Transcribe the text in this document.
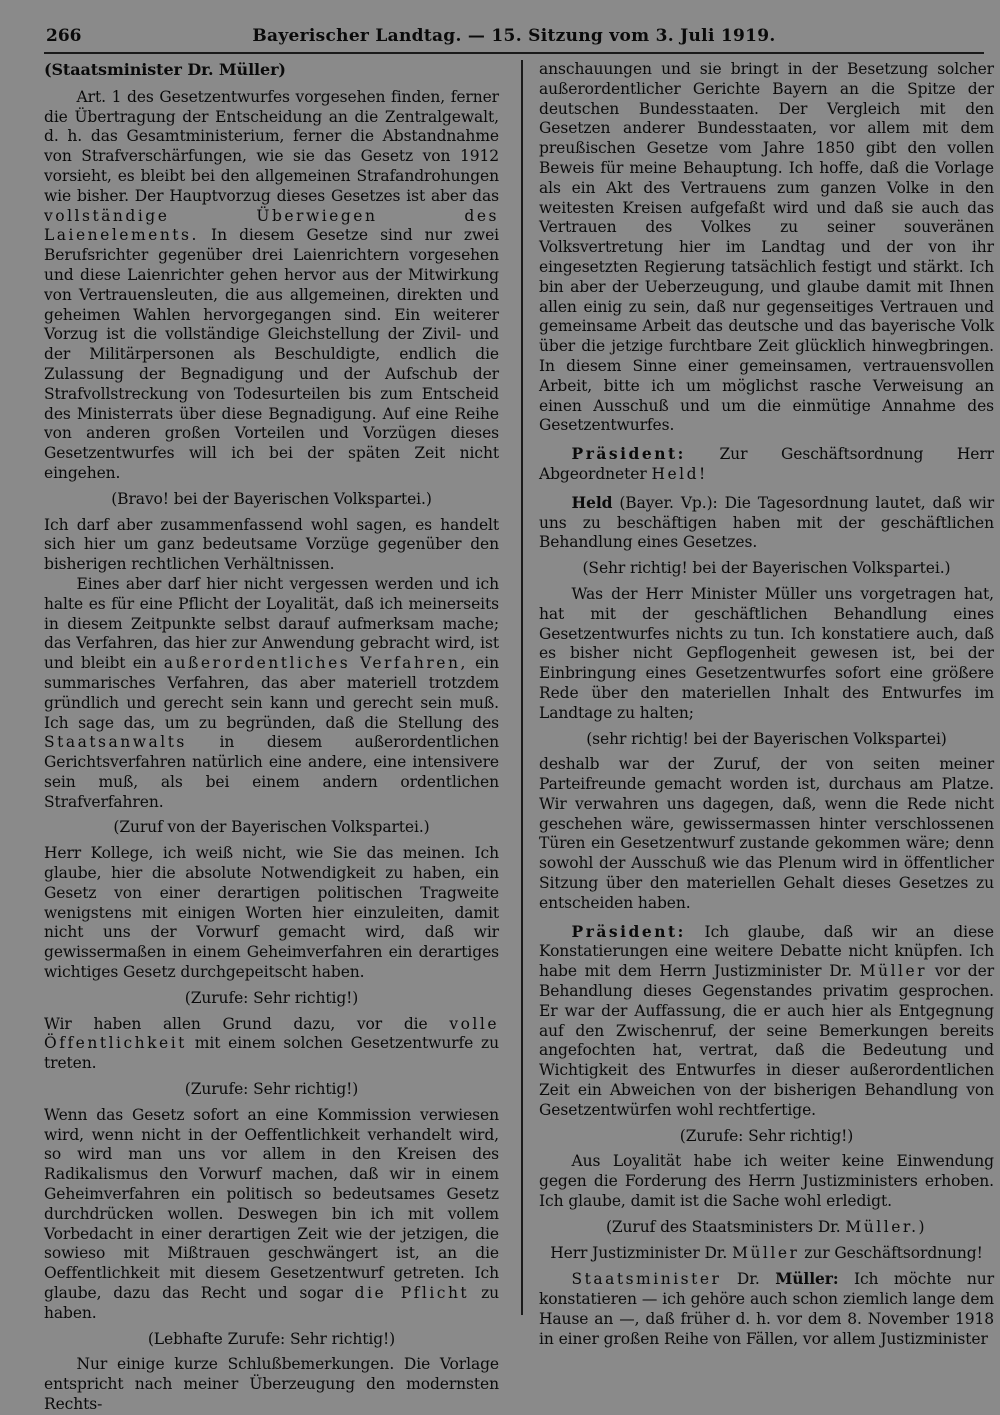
266	Bayerischer Landtag. — 15. Sitzung vom 3. Juli 1919.

(Staatsminister Dr. Müller)

Art. 1 des Gesetzentwurfes vorgesehen finden, ferner die Übertragung der Entscheidung an die Zentralgewalt, d. h. das Gesamtministerium, ferner die Abstandnahme von Strafverschärfungen, wie sie das Gesetz von 1912 vorsieht, es bleibt bei den allgemeinen Strafandrohungen wie bisher. Der Hauptvorzug dieses Gesetzes ist aber das vollständige Überwiegen des Laienelements. In diesem Gesetze sind nur zwei Berufsrichter gegenüber drei Laienrichtern vorgesehen und diese Laienrichter gehen hervor aus der Mitwirkung von Vertrauensleuten, die aus allgemeinen, direkten und geheimen Wahlen hervorgegangen sind. Ein weiterer Vorzug ist die vollständige Gleichstellung der Zivil- und der Militärpersonen als Beschuldigte, endlich die Zulassung der Begnadigung und der Aufschub der Strafvollstreckung von Todesurteilen bis zum Entscheid des Ministerrats über diese Begnadigung. Auf eine Reihe von anderen großen Vorteilen und Vorzügen dieses Gesetzentwurfes will ich bei der späten Zeit nicht eingehen.

(Bravo! bei der Bayerischen Volkspartei.)

Ich darf aber zusammenfassend wohl sagen, es handelt sich hier um ganz bedeutsame Vorzüge gegenüber den bisherigen rechtlichen Verhältnissen.

Eines aber darf hier nicht vergessen werden und ich halte es für eine Pflicht der Loyalität, daß ich meinerseits in diesem Zeitpunkte selbst darauf aufmerksam mache; das Verfahren, das hier zur Anwendung gebracht wird, ist und bleibt ein außerordentliches Verfahren, ein summarisches Verfahren, das aber materiell trotzdem gründlich und gerecht sein kann und gerecht sein muß. Ich sage das, um zu begründen, daß die Stellung des Staatsanwalts in diesem außerordentlichen Gerichtsverfahren natürlich eine andere, eine intensivere sein muß, als bei einem andern ordentlichen Strafverfahren.

(Zuruf von der Bayerischen Volkspartei.)

Herr Kollege, ich weiß nicht, wie Sie das meinen. Ich glaube, hier die absolute Notwendigkeit zu haben, ein Gesetz von einer derartigen politischen Tragweite wenigstens mit einigen Worten hier einzuleiten, damit nicht uns der Vorwurf gemacht wird, daß wir gewissermaßen in einem Geheimverfahren ein derartiges wichtiges Gesetz durchgepeitscht haben.

(Zurufe: Sehr richtig!)

Wir haben allen Grund dazu, vor die volle Öffentlichkeit mit einem solchen Gesetzentwurfe zu treten.

(Zurufe: Sehr richtig!)

Wenn das Gesetz sofort an eine Kommission verwiesen wird, wenn nicht in der Oeffentlichkeit verhandelt wird, so wird man uns vor allem in den Kreisen des Radikalismus den Vorwurf machen, daß wir in einem Geheimverfahren ein politisch so bedeutsames Gesetz durchdrücken wollen. Deswegen bin ich mit vollem Vorbedacht in einer derartigen Zeit wie der jetzigen, die sowieso mit Mißtrauen geschwängert ist, an die Oeffentlichkeit mit diesem Gesetzentwurf getreten. Ich glaube, dazu das Recht und sogar die Pflicht zu haben.

(Lebhafte Zurufe: Sehr richtig!)

Nur einige kurze Schlußbemerkungen. Die Vorlage entspricht nach meiner Überzeugung den modernsten Rechts-

anschauungen und sie bringt in der Besetzung solcher außerordentlicher Gerichte Bayern an die Spitze der deutschen Bundesstaaten. Der Vergleich mit den Gesetzen anderer Bundesstaaten, vor allem mit dem preußischen Gesetze vom Jahre 1850 gibt den vollen Beweis für meine Behauptung. Ich hoffe, daß die Vorlage als ein Akt des Vertrauens zum ganzen Volke in den weitesten Kreisen aufgefaßt wird und daß sie auch das Vertrauen des Volkes zu seiner souveränen Volksvertretung hier im Landtag und der von ihr eingesetzten Regierung tatsächlich festigt und stärkt. Ich bin aber der Ueberzeugung, und glaube damit mit Ihnen allen einig zu sein, daß nur gegenseitiges Vertrauen und gemeinsame Arbeit das deutsche und das bayerische Volk über die jetzige furchtbare Zeit glücklich hinwegbringen. In diesem Sinne einer gemeinsamen, vertrauensvollen Arbeit, bitte ich um möglichst rasche Verweisung an einen Ausschuß und um die einmütige Annahme des Gesetzentwurfes.

Präsident: Zur Geschäftsordnung Herr Abgeordneter Held!

Held (Bayer. Vp.): Die Tagesordnung lautet, daß wir uns zu beschäftigen haben mit der geschäftlichen Behandlung eines Gesetzes.

(Sehr richtig! bei der Bayerischen Volkspartei.)

Was der Herr Minister Müller uns vorgetragen hat, hat mit der geschäftlichen Behandlung eines Gesetzentwurfes nichts zu tun. Ich konstatiere auch, daß es bisher nicht Gepflogenheit gewesen ist, bei der Einbringung eines Gesetzentwurfes sofort eine größere Rede über den materiellen Inhalt des Entwurfes im Landtage zu halten;

(sehr richtig! bei der Bayerischen Volkspartei)

deshalb war der Zuruf, der von seiten meiner Parteifreunde gemacht worden ist, durchaus am Platze. Wir verwahren uns dagegen, daß, wenn die Rede nicht geschehen wäre, gewissermassen hinter verschlossenen Türen ein Gesetzentwurf zustande gekommen wäre; denn sowohl der Ausschuß wie das Plenum wird in öffentlicher Sitzung über den materiellen Gehalt dieses Gesetzes zu entscheiden haben.

Präsident: Ich glaube, daß wir an diese Konstatierungen eine weitere Debatte nicht knüpfen. Ich habe mit dem Herrn Justizminister Dr. Müller vor der Behandlung dieses Gegenstandes privatim gesprochen. Er war der Auffassung, die er auch hier als Entgegnung auf den Zwischenruf, der seine Bemerkungen bereits angefochten hat, vertrat, daß die Bedeutung und Wichtigkeit des Entwurfes in dieser außerordentlichen Zeit ein Abweichen von der bisherigen Behandlung von Gesetzentwürfen wohl rechtfertige.

(Zurufe: Sehr richtig!)

Aus Loyalität habe ich weiter keine Einwendung gegen die Forderung des Herrn Justizministers erhoben. Ich glaube, damit ist die Sache wohl erledigt.

(Zuruf des Staatsministers Dr. Müller.)

Herr Justizminister Dr. Müller zur Geschäftsordnung!

Staatsminister Dr. Müller: Ich möchte nur konstatieren — ich gehöre auch schon ziemlich lange dem Hause an —, daß früher d. h. vor dem 8. November 1918 in einer großen Reihe von Fällen, vor allem Justizminister
